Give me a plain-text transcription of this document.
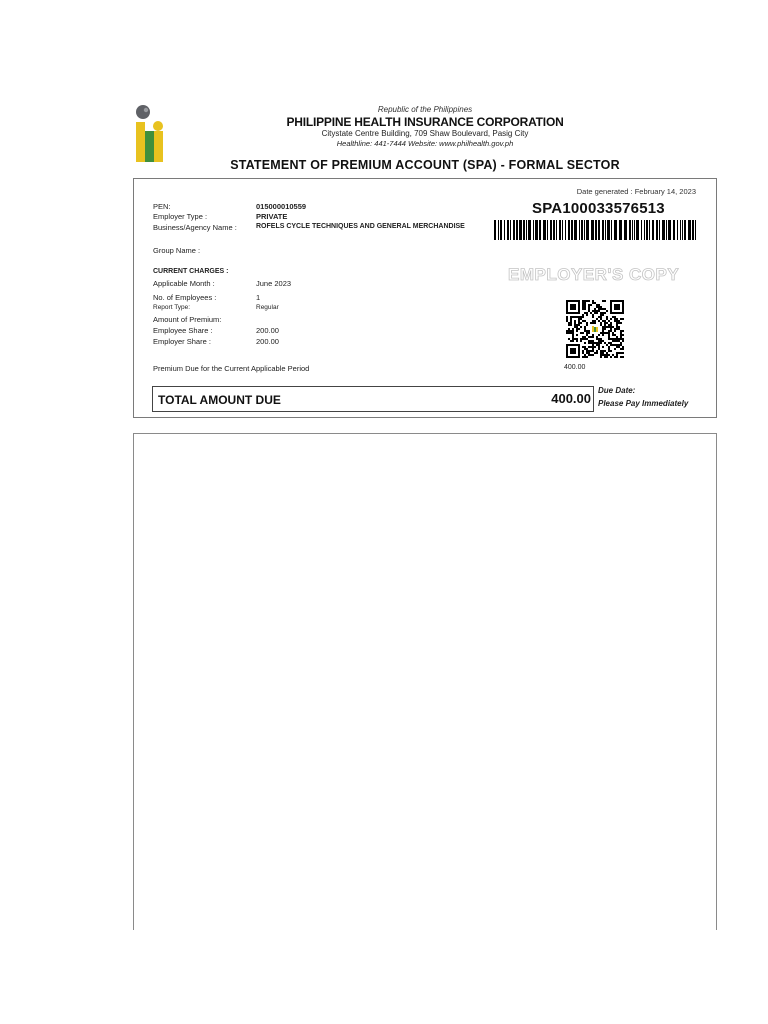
Republic of the Philippines
PHILIPPINE HEALTH INSURANCE CORPORATION
Citystate Centre Building, 709 Shaw Boulevard, Pasig City
Healthline: 441-7444 Website: www.philhealth.gov.ph
STATEMENT OF PREMIUM ACCOUNT (SPA) - FORMAL SECTOR
Date generated : February 14, 2023
SPA100033576513
PEN:	015000010559
Employer Type :	PRIVATE
Business/Agency Name :	ROFELS CYCLE TECHNIQUES AND GENERAL MERCHANDISE
Group Name :
CURRENT CHARGES :
Applicable Month :	June 2023
No. of Employees :	1
Report Type:	Regular
Amount of Premium:
Employee Share :	200.00
Employer Share :	200.00
Premium Due for the Current Applicable Period	400.00
EMPLOYER'S COPY
TOTAL AMOUNT DUE	400.00
Due Date:
Please Pay Immediately
